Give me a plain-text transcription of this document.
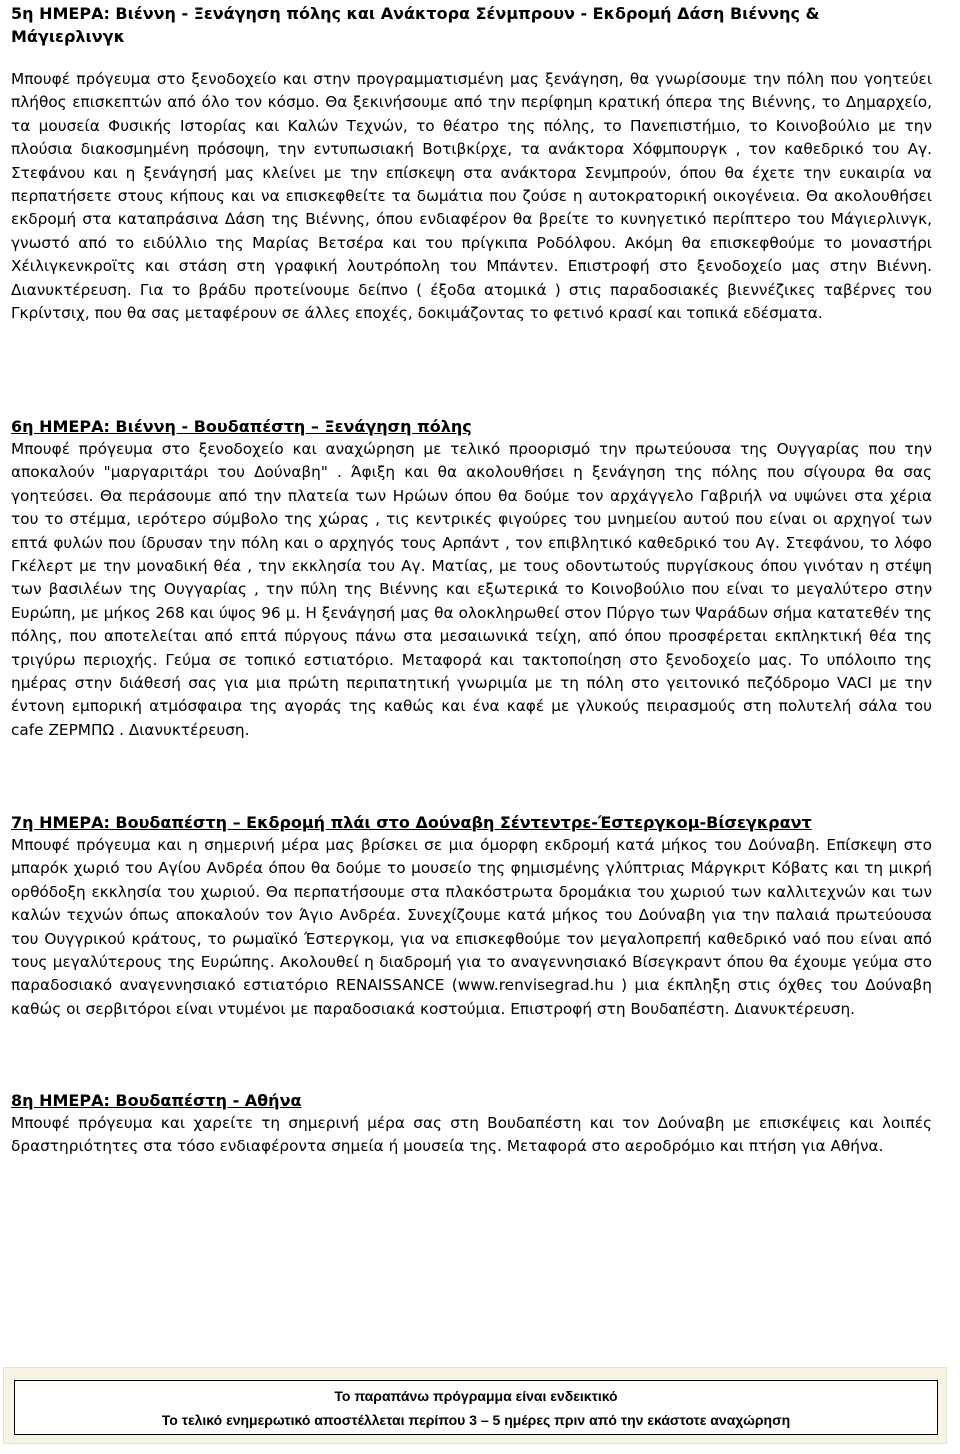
5η ΗΜΕΡΑ: Βιέννη - Ξενάγηση πόλης και Ανάκτορα Σένμπρουν - Εκδρομή Δάση Βιέννης & Μάγιερλινγκ

Μπουφέ πρόγευμα στο ξενοδοχείο και στην προγραμματισμένη μας ξενάγηση, θα γνωρίσουμε την πόλη που γοητεύει πλήθος επισκεπτών από όλο τον κόσμο. Θα ξεκινήσουμε από την περίφημη κρατική όπερα της Βιέννης, το Δημαρχείο, τα μουσεία Φυσικής Ιστορίας και Καλών Τεχνών, το θέατρο της πόλης, το Πανεπιστήμιο, το Κοινοβούλιο με την πλούσια διακοσμημένη πρόσοψη, την εντυπωσιακή Βοτιβκίρχε, τα ανάκτορα Χόφμπουργκ , τον καθεδρικό του Αγ. Στεφάνου και η ξενάγησή μας κλείνει με την επίσκεψη στα ανάκτορα Σενμπρούν, όπου θα έχετε την ευκαιρία να περπατήσετε στους κήπους και να επισκεφθείτε τα δωμάτια που ζούσε η αυτοκρατορική οικογένεια. Θα ακολουθήσει εκδρομή στα καταπράσινα Δάση της Βιέννης, όπου ενδιαφέρον θα βρείτε το κυνηγετικό περίπτερο του Μάγιερλινγκ, γνωστό από το ειδύλλιο της Μαρίας Βετσέρα και του πρίγκιπα Ροδόλφου. Ακόμη θα επισκεφθούμε το μοναστήρι Χέιλιγκενκροϊτς και στάση στη γραφική λουτρόπολη του Μπάντεν. Επιστροφή στο ξενοδοχείο μας στην Βιέννη. Διανυκτέρευση. Για το βράδυ προτείνουμε δείπνο ( έξοδα ατομικά ) στις παραδοσιακές βιεννέζικες ταβέρνες του Γκρίντσιχ, που θα σας μεταφέρουν σε άλλες εποχές, δοκιμάζοντας το φετινό κρασί και τοπικά εδέσματα.

6η ΗΜΕΡΑ: Βιέννη - Βουδαπέστη – Ξενάγηση πόλης

Μπουφέ πρόγευμα στο ξενοδοχείο και αναχώρηση με τελικό προορισμό την πρωτεύουσα της Ουγγαρίας που την αποκαλούν "μαργαριτάρι του Δούναβη" . Άφιξη και θα ακολουθήσει η ξενάγηση της πόλης που σίγουρα θα σας γοητεύσει. Θα περάσουμε από την πλατεία των Ηρώων όπου θα δούμε τον αρχάγγελο Γαβριήλ να υψώνει στα χέρια του το στέμμα, ιερότερο σύμβολο της χώρας , τις κεντρικές φιγούρες του μνημείου αυτού που είναι οι αρχηγοί των επτά φυλών που ίδρυσαν την πόλη και ο αρχηγός τους Αρπάντ , τον επιβλητικό καθεδρικό του Αγ. Στεφάνου, το λόφο Γκέλερτ με την μοναδική θέα , την εκκλησία του Αγ. Ματίας, με τους οδοντωτούς πυργίσκους όπου γινόταν η στέψη των βασιλέων της Ουγγαρίας , την πύλη της Βιέννης και εξωτερικά το Κοινοβούλιο που είναι το μεγαλύτερο στην Ευρώπη, με μήκος 268 και ύψος 96 μ. Η ξενάγησή μας θα ολοκληρωθεί στον Πύργο των Ψαράδων σήμα κατατεθέν της πόλης, που αποτελείται από επτά πύργους πάνω στα μεσαιωνικά τείχη, από όπου προσφέρεται εκπληκτική θέα της τριγύρω περιοχής. Γεύμα σε τοπικό εστιατόριο. Μεταφορά και τακτοποίηση στο ξενοδοχείο μας. Το υπόλοιπο της ημέρας στην διάθεσή σας για μια πρώτη περιπατητική γνωριμία με τη πόλη στο γειτονικό πεζόδρομο VACI με την έντονη εμπορική ατμόσφαιρα της αγοράς της καθώς και ένα καφέ με γλυκούς πειρασμούς στη πολυτελή σάλα του cafe ΖΕΡΜΠΩ . Διανυκτέρευση.

7η ΗΜΕΡΑ: Βουδαπέστη – Εκδρομή πλάι στο Δούναβη Σέντεντρε-Έστεργκομ-Βίσεγκραντ

Μπουφέ πρόγευμα και η σημερινή μέρα μας βρίσκει σε μια όμορφη εκδρομή κατά μήκος του Δούναβη. Επίσκεψη στο μπαρόκ χωριό του Αγίου Ανδρέα όπου θα δούμε το μουσείο της φημισμένης γλύπτριας Μάργκριτ Κόβατς και τη μικρή ορθόδοξη εκκλησία του χωριού. Θα περπατήσουμε στα πλακόστρωτα δρομάκια του χωριού των καλλιτεχνών και των καλών τεχνών όπως αποκαλούν τον Άγιο Ανδρέα. Συνεχίζουμε κατά μήκος του Δούναβη για την παλαιά πρωτεύουσα του Ουγγρικού κράτους, το ρωμαϊκό Έστεργκομ, για να επισκεφθούμε τον μεγαλοπρεπή καθεδρικό ναό που είναι από τους μεγαλύτερους της Ευρώπης. Ακολουθεί η διαδρομή για το αναγεννησιακό Βίσεγκραντ όπου θα έχουμε γεύμα στο παραδοσιακό αναγεννησιακό εστιατόριο RENAISSANCE (www.renvisegrad.hu ) μια έκπληξη στις όχθες του Δούναβη καθώς οι σερβιτόροι είναι ντυμένοι με παραδοσιακά κοστούμια. Επιστροφή στη Βουδαπέστη. Διανυκτέρευση.

8η ΗΜΕΡΑ: Βουδαπέστη - Αθήνα

Μπουφέ πρόγευμα και χαρείτε τη σημερινή μέρα σας στη Βουδαπέστη και τον Δούναβη με επισκέψεις και λοιπές δραστηριότητες στα τόσο ενδιαφέροντα σημεία ή μουσεία της. Μεταφορά στο αεροδρόμιο και πτήση για Αθήνα.

Το παραπάνω πρόγραμμα είναι ενδεικτικό
Το τελικό ενημερωτικό αποστέλλεται περίπου 3 – 5 ημέρες πριν από την εκάστοτε αναχώρηση
